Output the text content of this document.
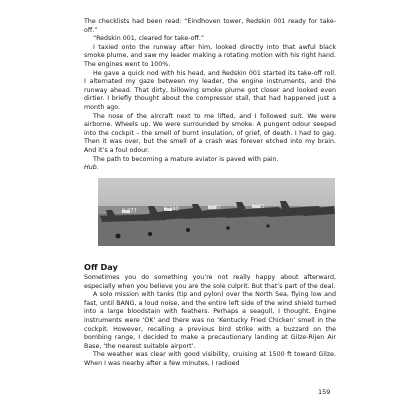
The checklists had been read: “Eindhoven tower, Redskin 001 ready for take-off.”

“Redskin 001, cleared for take-off.”

I taxied onto the runway after him, looked directly into that awful black smoke plume, and saw my leader making a rotating motion with his right hand. The engines went to 100%.

He gave a quick nod with his head, and Redskin 001 started its take-off roll. I alternated my gaze between my leader, the engine instruments, and the runway ahead. That dirty, billowing smoke plume got closer and looked even dirtier. I briefly thought about the compressor stall, that had happened just a month ago.

The nose of the aircraft next to me lifted, and I followed suit. We were airborne. Wheels up. We were surrounded by smoke. A pungent odour seeped into the cockpit – the smell of burnt insulation, of grief, of death. I had to gag. Then it was over, but the smell of a crash was forever etched into my brain. And it’s a foul odour.

The path to becoming a mature aviator is paved with pain.

Hub.

P-277	P-240	P-193	P-223
Off Day

Sometimes you do something you’re not really happy about afterward, especially when you believe you are the sole culprit. But that’s part of the deal.

A solo mission with tanks (tip and pylon) over the North Sea, flying low and fast, until BANG, a loud noise, and the entire left side of the wind shield turned into a large bloodstain with feathers. Perhaps a seagull, I thought. Engine instruments were ‘OK’ and there was no ‘Kentucky Fried Chicken’ smell in the cockpit. However, recalling a previous bird strike with a buzzard on the bombing range, I decided to make a precautionary landing at Gilze-Rijen Air Base, ‘the nearest suitable airport’.

The weather was clear with good visibility, cruising at 1500 ft toward Gilze. When I was nearby after a few minutes, I radioed

159
